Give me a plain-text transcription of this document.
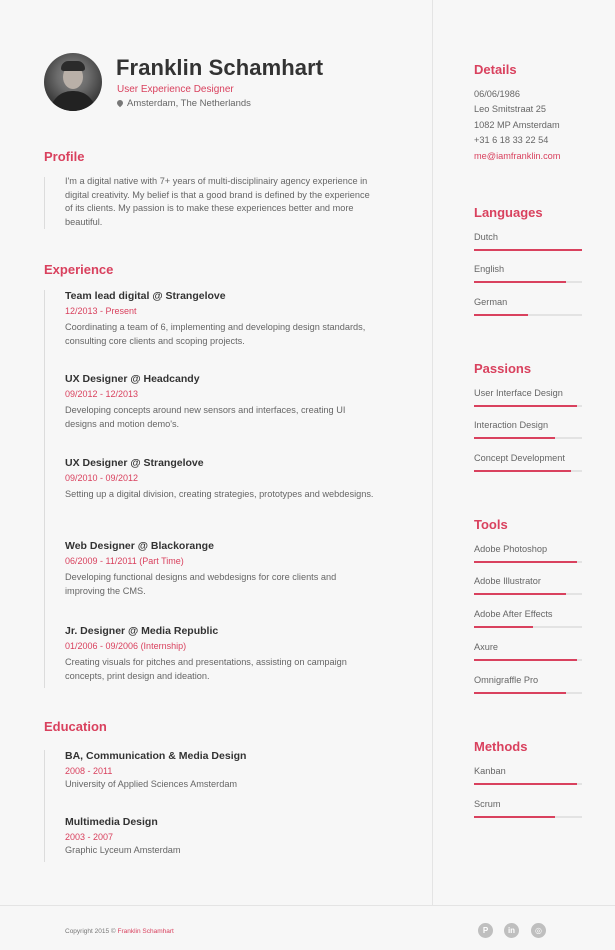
Franklin Schamhart
User Experience Designer
Amsterdam, The Netherlands
Profile
I'm a digital native with 7+ years of multi-disciplinairy agency experience in digital creativity. My belief is that a good brand is defined by the experience of its clients. My passion is to make these experiences better and more beautiful.
Experience
Team lead digital @ Strangelove
12/2013 - Present
Coordinating a team of 6, implementing and developing design standards, consulting core clients and scoping projects.
UX Designer @ Headcandy
09/2012 - 12/2013
Developing concepts around new sensors and interfaces, creating UI designs and motion demo's.
UX Designer @ Strangelove
09/2010 - 09/2012
Setting up a digital division, creating strategies, prototypes and webdesigns.
Web Designer @ Blackorange
06/2009 - 11/2011 (Part Time)
Developing functional designs and webdesigns for core clients and improving the CMS.
Jr. Designer @ Media Republic
01/2006 - 09/2006 (Internship)
Creating visuals for pitches and presentations, assisting on campaign concepts, print design and ideation.
Education
BA, Communication & Media Design
2008 - 2011
University of Applied Sciences Amsterdam
Multimedia Design
2003 - 2007
Graphic Lyceum Amsterdam
Details
06/06/1986
Leo Smitstraat 25
1082 MP Amsterdam
+31 6 18 33 22 54
me@iamfranklin.com
Languages
Dutch
English
German
Passions
User Interface Design
Interaction Design
Concept Development
Tools
Adobe Photoshop
Adobe Illustrator
Adobe After Effects
Axure
Omnigraffle Pro
Methods
Kanban
Scrum
Copyright 2015 © Franklin Schamhart	P	in	◎
